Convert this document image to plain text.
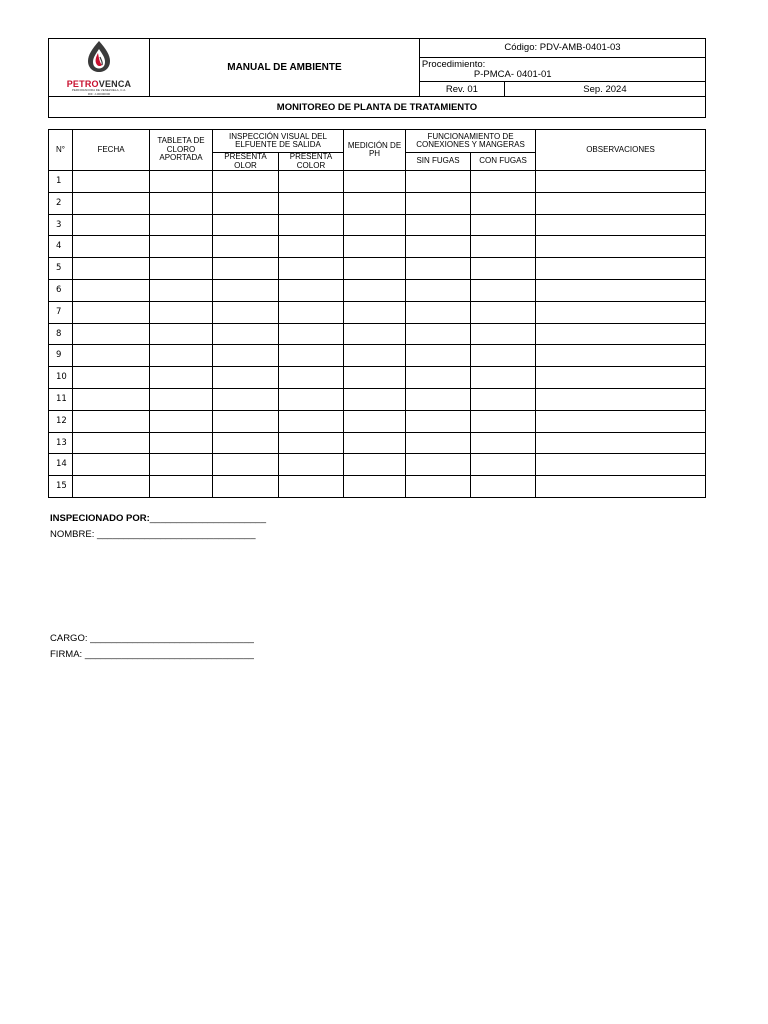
PETROVENCA
PERFORADORA DE VENEZUELA, C.A.
RIF: J-00000000	MANUAL DE AMBIENTE	Código: PDV-AMB-0401-03	

		Procedimiento:
P-PMCA- 0401-01	

		Rev. 01	Sep. 2024
MONITOREO DE PLANTA DE TRATAMIENTO			
N°	FECHA	TABLETA DE CLORO APORTADA	INSPECCIÓN VISUAL DEL ELFUENTE DE SALIDA		MEDICIÓN DE PH	FUNCIONAMIENTO DE CONEXIONES Y MANGERAS		OBSERVACIONES
			PRESENTA OLOR	PRESENTA COLOR		SIN FUGAS	CON FUGAS	
1								
2								
3								
4								
5								
6								
7								
8								
9								
10								
11								
12								
13								
14								
15								
INSPECIONADO POR:______________________
NOMBRE: ______________________________
CARGO: _______________________________
FIRMA: ________________________________
